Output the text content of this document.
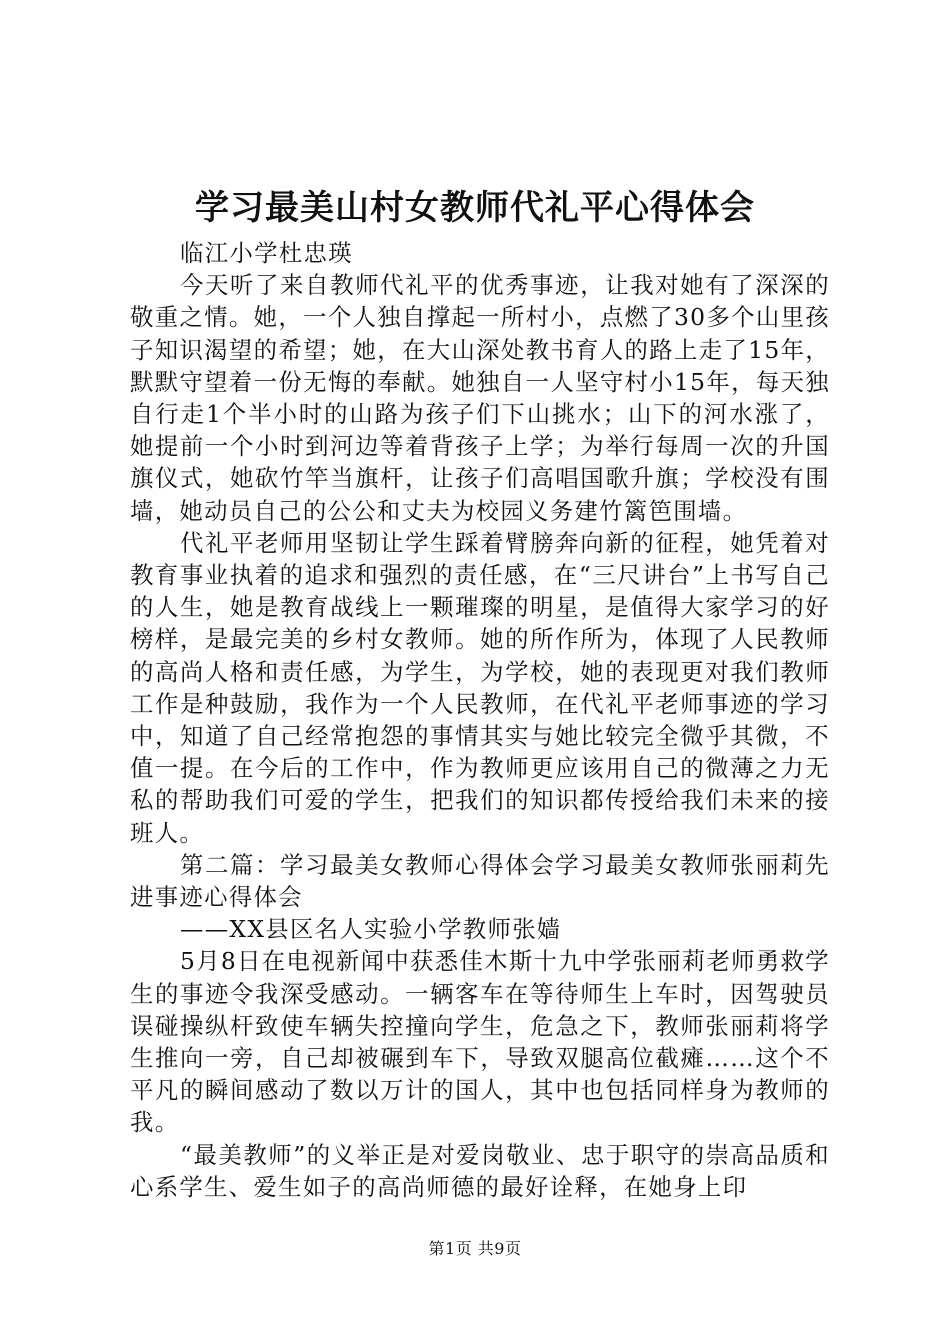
学习最美山村女教师代礼平心得体会

临江小学杜忠瑛

今天听了来自教师代礼平的优秀事迹，让我对她有了深深的敬重之情。她，一个人独自撑起一所村小，点燃了30多个山里孩子知识渴望的希望；她，在大山深处教书育人的路上走了15年，默默守望着一份无悔的奉献。她独自一人坚守村小15年，每天独自行走1个半小时的山路为孩子们下山挑水；山下的河水涨了，她提前一个小时到河边等着背孩子上学；为举行每周一次的升国旗仪式，她砍竹竿当旗杆，让孩子们高唱国歌升旗；学校没有围墙，她动员自己的公公和丈夫为校园义务建竹篱笆围墙。

代礼平老师用坚韧让学生踩着臂膀奔向新的征程，她凭着对教育事业执着的追求和强烈的责任感，在“三尺讲台”上书写自己的人生，她是教育战线上一颗璀璨的明星，是值得大家学习的好榜样，是最完美的乡村女教师。她的所作所为，体现了人民教师的高尚人格和责任感，为学生，为学校，她的表现更对我们教师工作是种鼓励，我作为一个人民教师，在代礼平老师事迹的学习中，知道了自己经常抱怨的事情其实与她比较完全微乎其微，不值一提。在今后的工作中，作为教师更应该用自己的微薄之力无私的帮助我们可爱的学生，把我们的知识都传授给我们未来的接班人。

第二篇：学习最美女教师心得体会学习最美女教师张丽莉先进事迹心得体会

——XX县区名人实验小学教师张嫱

5月8日在电视新闻中获悉佳木斯十九中学张丽莉老师勇救学生的事迹令我深受感动。一辆客车在等待师生上车时，因驾驶员误碰操纵杆致使车辆失控撞向学生，危急之下，教师张丽莉将学生推向一旁，自己却被碾到车下，导致双腿高位截瘫……这个不平凡的瞬间感动了数以万计的国人，其中也包括同样身为教师的我。

“最美教师”的义举正是对爱岗敬业、忠于职守的崇高品质和心系学生、爱生如子的高尚师德的最好诠释，在她身上印

第1页 共9页
